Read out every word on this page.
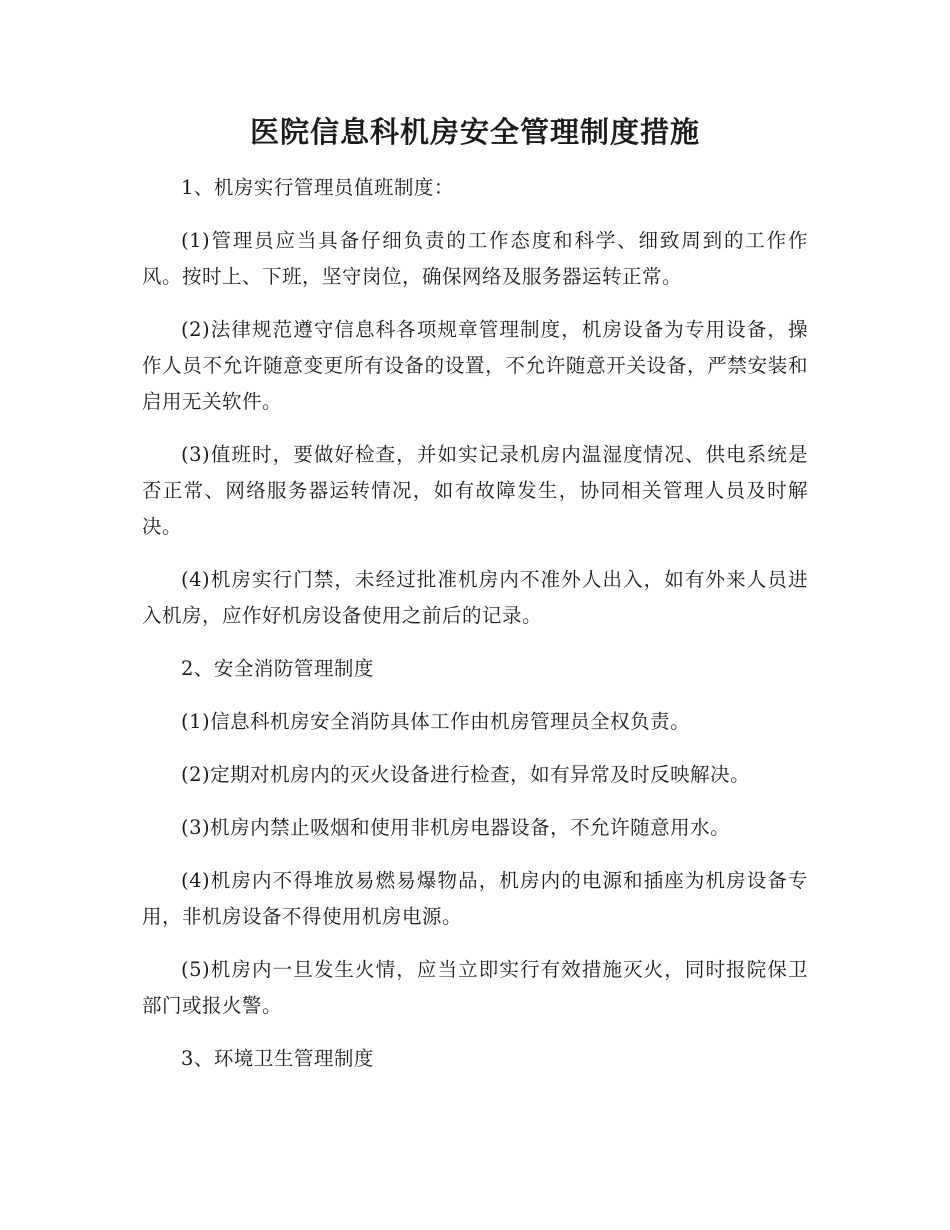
医院信息科机房安全管理制度措施

1、机房实行管理员值班制度：

(1)管理员应当具备仔细负责的工作态度和科学、细致周到的工作作风。按时上、下班，坚守岗位，确保网络及服务器运转正常。

(2)法律规范遵守信息科各项规章管理制度，机房设备为专用设备，操作人员不允许随意变更所有设备的设置，不允许随意开关设备，严禁安装和启用无关软件。

(3)值班时，要做好检查，并如实记录机房内温湿度情况、供电系统是否正常、网络服务器运转情况，如有故障发生，协同相关管理人员及时解决。

(4)机房实行门禁，未经过批准机房内不准外人出入，如有外来人员进入机房，应作好机房设备使用之前后的记录。

2、安全消防管理制度

(1)信息科机房安全消防具体工作由机房管理员全权负责。

(2)定期对机房内的灭火设备进行检查，如有异常及时反映解决。

(3)机房内禁止吸烟和使用非机房电器设备，不允许随意用水。

(4)机房内不得堆放易燃易爆物品，机房内的电源和插座为机房设备专用，非机房设备不得使用机房电源。

(5)机房内一旦发生火情，应当立即实行有效措施灭火，同时报院保卫部门或报火警。

3、环境卫生管理制度
